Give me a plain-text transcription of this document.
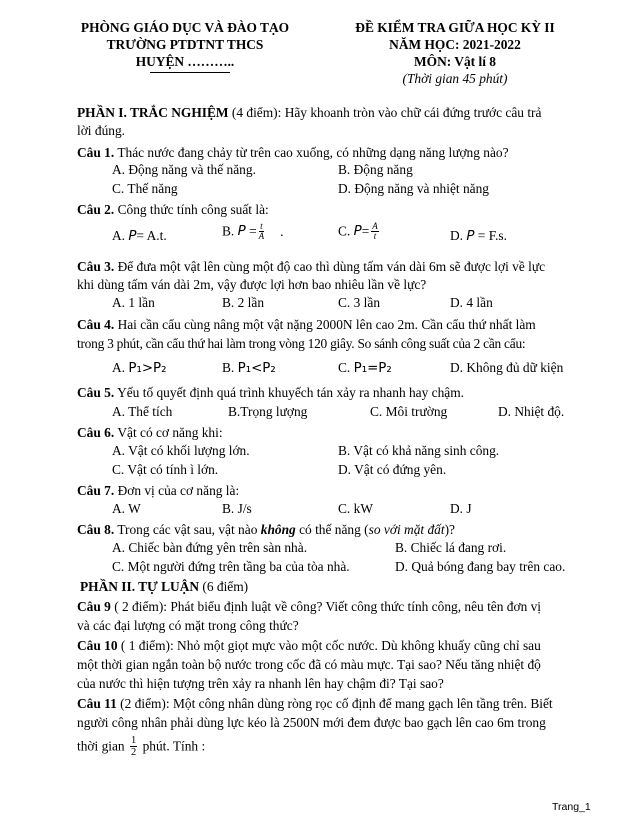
PHÒNG GIÁO DỤC VÀ ĐÀO TẠO
TRƯỜNG PTDTNT THCS
HUYỆN ………..
ĐỀ KIỂM TRA GIỮA HỌC KỲ II
NĂM HỌC: 2021-2022
MÔN: Vật lí 8
(Thời gian 45 phút)
PHẦN I. TRẮC NGHIỆM (4 điểm): Hãy khoanh tròn vào chữ cái đứng trước câu trả
lời đúng.
Câu 1. Thác nước đang chảy từ trên cao xuống, có những dạng năng lượng nào?
A. Động năng và thế năng.	B. Động năng
C. Thế năng	D. Động năng và nhiệt năng
Câu 2. Công thức tính công suất là:
A. P= A.t.	B. $P = \frac{t}{A}$ .	C. $P= \frac{A}{t}$	D. P = F.s.
Câu 3. Để đưa một vật lên cùng một độ cao thì dùng tấm ván dài 6m sẽ được lợi về lực
khi dùng tấm ván dài 2m, vậy được lợi hơn bao nhiêu lần về lực?
A. 1 lần	B. 2 lần	C. 3 lần	D. 4 lần
Câu 4. Hai cần cẩu cùng nâng một vật nặng 2000N lên cao 2m. Cần cẩu thứ nhất làm
trong 3 phút, cần cẩu thứ hai làm trong vòng 120 giây. So sánh công suất của 2 cần cẩu:
A. P₁>P₂	B. P₁<P₂	C. P₁=P₂	D. Không đủ dữ kiện
Câu 5. Yếu tố quyết định quá trình khuyếch tán xảy ra nhanh hay chậm.
A. Thể tích	B.Trọng lượng	C. Môi trường	D. Nhiệt độ.
Câu 6. Vật có cơ năng khi:
A. Vật có khối lượng lớn.	B. Vật có khả năng sinh công.
C. Vật có tính ì lớn.	D. Vật có đứng yên.
Câu 7. Đơn vị của cơ năng là:
A. W	B. J/s	C. kW	D. J
Câu 8. Trong các vật sau, vật nào không có thế năng (so với mặt đất)?
A. Chiếc bàn đứng yên trên sàn nhà.	B. Chiếc lá đang rơi.
C. Một người đứng trên tầng ba của tòa nhà.	D. Quả bóng đang bay trên cao.
PHẦN II. TỰ LUẬN (6 điểm)
Câu 9 ( 2 điểm): Phát biểu định luật về công? Viết công thức tính công, nêu tên đơn vị
và các đại lượng có mặt trong công thức?
Câu 10 ( 1 điểm): Nhỏ một giọt mực vào một cốc nước. Dù không khuấy cũng chỉ sau
một thời gian ngắn toàn bộ nước trong cốc đã có màu mực. Tại sao? Nếu tăng nhiệt độ
của nước thì hiện tượng trên xảy ra nhanh lên hay chậm đi? Tại sao?
Câu 11 (2 điểm): Một công nhân dùng ròng rọc cố định để mang gạch lên tầng trên. Biết
người công nhân phải dùng lực kéo là 2500N mới đem được bao gạch lên cao 6m trong
thời gian $\frac{1}{2}$ phút. Tính :
Trang_1
